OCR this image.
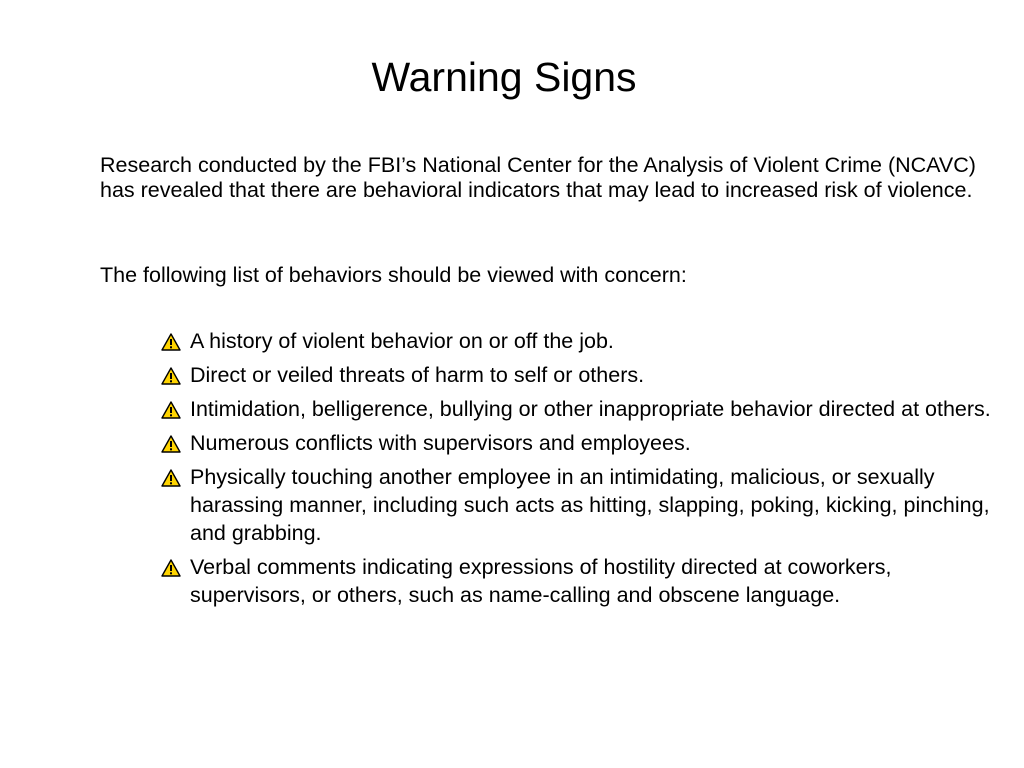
Warning Signs

Research conducted by the FBI’s National Center for the Analysis of Violent Crime (NCAVC) has revealed that there are behavioral indicators that may lead to increased risk of violence.

The following list of behaviors should be viewed with concern:

A history of violent behavior on or off the job.
Direct or veiled threats of harm to self or others.
Intimidation, belligerence, bullying or other inappropriate behavior directed at others.
Numerous conflicts with supervisors and employees.
Physically touching another employee in an intimidating, malicious, or sexually harassing manner, including such acts as hitting, slapping, poking, kicking, pinching, and grabbing.
Verbal comments indicating expressions of hostility directed at coworkers, supervisors, or others, such as name-calling and obscene language.
